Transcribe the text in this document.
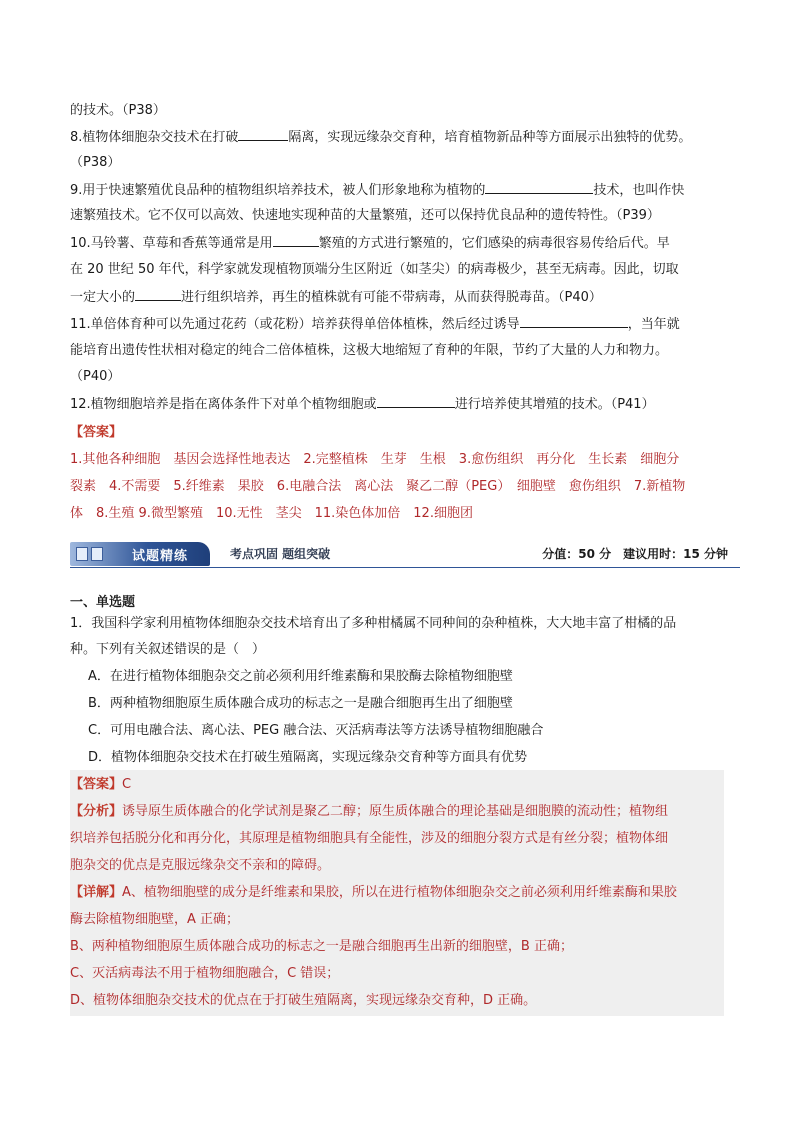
的技术。（P38）
8.植物体细胞杂交技术在打破	隔离，实现远缘杂交育种，培育植物新品种等方面展示出独特的优势。
（P38）
9.用于快速繁殖优良品种的植物组织培养技术，被人们形象地称为植物的	技术，也叫作快
速繁殖技术。它不仅可以高效、快速地实现种苗的大量繁殖，还可以保持优良品种的遗传特性。（P39）
10.马铃薯、草莓和香蕉等通常是用	繁殖的方式进行繁殖的，它们感染的病毒很容易传给后代。早
在 20 世纪 50 年代，科学家就发现植物顶端分生区附近（如茎尖）的病毒极少，甚至无病毒。因此，切取
一定大小的	进行组织培养，再生的植株就有可能不带病毒，从而获得脱毒苗。（P40）
11.单倍体育种可以先通过花药（或花粉）培养获得单倍体植株，然后经过诱导	，当年就
能培育出遗传性状相对稳定的纯合二倍体植株，这极大地缩短了育种的年限，节约了大量的人力和物力。
（P40）
12.植物细胞培养是指在离体条件下对单个植物细胞或	进行培养使其增殖的技术。（P41）
【答案】
1.其他各种细胞　基因会选择性地表达　2.完整植株　生芽　生根　3.愈伤组织　再分化　生长素　细胞分
裂素　4.不需要　5.纤维素　果胶　6.电融合法　离心法　聚乙二醇（PEG）　细胞壁　愈伤组织　7.新植物
体　8.生殖 9.微型繁殖　10.无性　茎尖　11.染色体加倍　12.细胞团
试题精练	考点巩固 题组突破	分值：50 分　建议用时：15 分钟
一、单选题
1．我国科学家利用植物体细胞杂交技术培育出了多种柑橘属不同种间的杂种植株，大大地丰富了柑橘的品
种。下列有关叙述错误的是（　）
A．在进行植物体细胞杂交之前必须利用纤维素酶和果胶酶去除植物细胞壁
B．两种植物细胞原生质体融合成功的标志之一是融合细胞再生出了细胞壁
C．可用电融合法、离心法、PEG 融合法、灭活病毒法等方法诱导植物细胞融合
D．植物体细胞杂交技术在打破生殖隔离，实现远缘杂交育种等方面具有优势
【答案】C
【分析】诱导原生质体融合的化学试剂是聚乙二醇；原生质体融合的理论基础是细胞膜的流动性；植物组
织培养包括脱分化和再分化，其原理是植物细胞具有全能性，涉及的细胞分裂方式是有丝分裂；植物体细
胞杂交的优点是克服远缘杂交不亲和的障碍。
【详解】A、植物细胞壁的成分是纤维素和果胶，所以在进行植物体细胞杂交之前必须利用纤维素酶和果胶
酶去除植物细胞壁，A 正确；
B、两种植物细胞原生质体融合成功的标志之一是融合细胞再生出新的细胞壁，B 正确；
C、灭活病毒法不用于植物细胞融合，C 错误；
D、植物体细胞杂交技术的优点在于打破生殖隔离，实现远缘杂交育种，D 正确。
